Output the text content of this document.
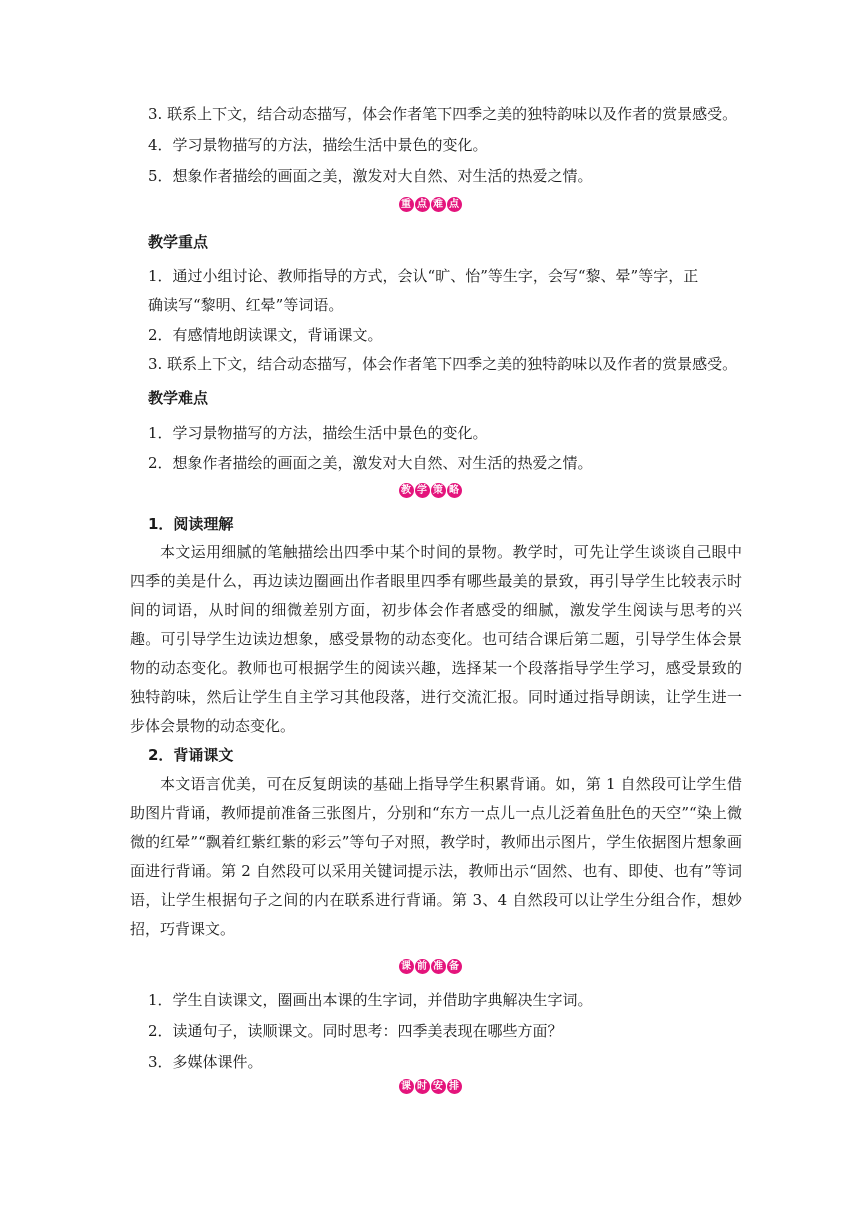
3. 联系上下文，结合动态描写，体会作者笔下四季之美的独特韵味以及作者的赏景感受。

4．学习景物描写的方法，描绘生活中景色的变化。

5．想象作者描绘的画面之美，激发对大自然、对生活的热爱之情。

重 点 难 点

教学重点

1．通过小组讨论、教师指导的方式，会认“旷、怡”等生字，会写“黎、晕”等字，正

确读写“黎明、红晕”等词语。

2．有感情地朗读课文，背诵课文。

3. 联系上下文，结合动态描写，体会作者笔下四季之美的独特韵味以及作者的赏景感受。

教学难点

1．学习景物描写的方法，描绘生活中景色的变化。

2．想象作者描绘的画面之美，激发对大自然、对生活的热爱之情。

教 学 策 略

1．阅读理解

本文运用细腻的笔触描绘出四季中某个时间的景物。教学时，可先让学生谈谈自己眼中四季的美是什么，再边读边圈画出作者眼里四季有哪些最美的景致，再引导学生比较表示时间的词语，从时间的细微差别方面，初步体会作者感受的细腻，激发学生阅读与思考的兴趣。可引导学生边读边想象，感受景物的动态变化。也可结合课后第二题，引导学生体会景物的动态变化。教师也可根据学生的阅读兴趣，选择某一个段落指导学生学习，感受景致的独特韵味，然后让学生自主学习其他段落，进行交流汇报。同时通过指导朗读，让学生进一步体会景物的动态变化。

2．背诵课文

本文语言优美，可在反复朗读的基础上指导学生积累背诵。如，第 1 自然段可让学生借助图片背诵，教师提前准备三张图片，分别和“东方一点儿一点儿泛着鱼肚色的天空”“染上微微的红晕”“飘着红紫红紫的彩云”等句子对照，教学时，教师出示图片，学生依据图片想象画面进行背诵。第 2 自然段可以采用关键词提示法，教师出示“固然、也有、即使、也有”等词语，让学生根据句子之间的内在联系进行背诵。第 3、4 自然段可以让学生分组合作，想妙招，巧背课文。

课 前 准 备

1．学生自读课文，圈画出本课的生字词，并借助字典解决生字词。

2．读通句子，读顺课文。同时思考：四季美表现在哪些方面？

3．多媒体课件。

课 时 安 排
